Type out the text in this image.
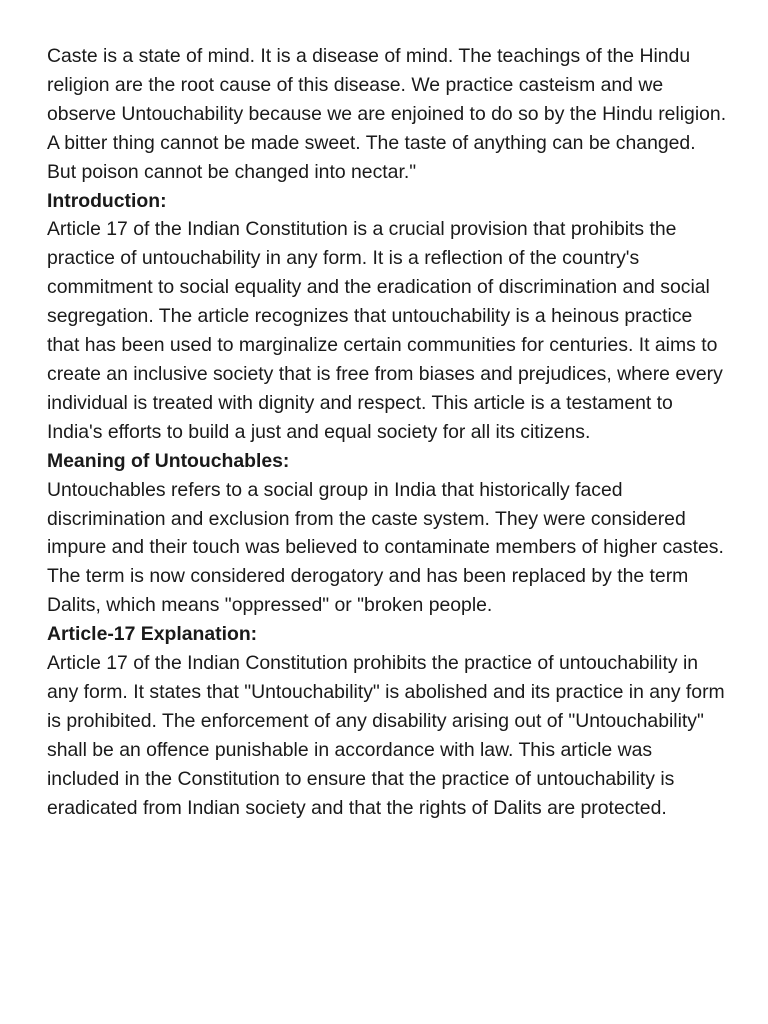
Caste is a state of mind. It is a disease of mind. The teachings of the Hindu religion are the root cause of this disease. We practice casteism and we observe Untouchability because we are enjoined to do so by the Hindu religion. A bitter thing cannot be made sweet. The taste of anything can be changed. But poison cannot be changed into nectar."

Introduction:

Article 17 of the Indian Constitution is a crucial provision that prohibits the practice of untouchability in any form. It is a reflection of the country's commitment to social equality and the eradication of discrimination and social segregation. The article recognizes that untouchability is a heinous practice that has been used to marginalize certain communities for centuries. It aims to create an inclusive society that is free from biases and prejudices, where every individual is treated with dignity and respect. This article is a testament to India's efforts to build a just and equal society for all its citizens.

Meaning of Untouchables:

Untouchables refers to a social group in India that historically faced discrimination and exclusion from the caste system. They were considered impure and their touch was believed to contaminate members of higher castes. The term is now considered derogatory and has been replaced by the term Dalits, which means "oppressed" or "broken people.

Article-17 Explanation:

Article 17 of the Indian Constitution prohibits the practice of untouchability in any form. It states that "Untouchability" is abolished and its practice in any form is prohibited. The enforcement of any disability arising out of "Untouchability" shall be an offence punishable in accordance with law. This article was included in the Constitution to ensure that the practice of untouchability is eradicated from Indian society and that the rights of Dalits are protected.
